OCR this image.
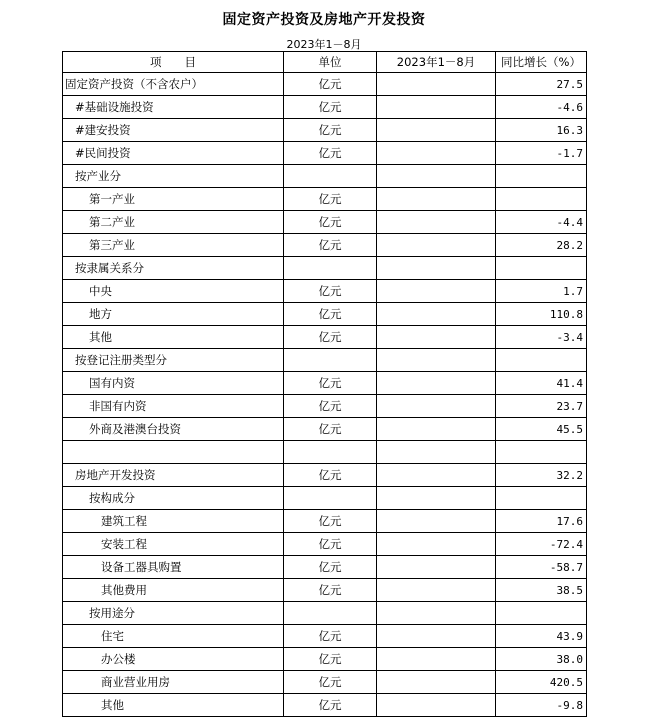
固定资产投资及房地产开发投资
2023年1－8月
项　　目	单位	2023年1－8月	同比增长（%）
固定资产投资（不含农户）	亿元		27.5
#基础设施投资	亿元		-4.6
#建安投资	亿元		16.3
#民间投资	亿元		-1.7
按产业分			
第一产业	亿元		
第二产业	亿元		-4.4
第三产业	亿元		28.2
按隶属关系分			
中央	亿元		1.7
地方	亿元		110.8
其他	亿元		-3.4
按登记注册类型分			
国有内资	亿元		41.4
非国有内资	亿元		23.7
外商及港澳台投资	亿元		45.5

房地产开发投资	亿元		32.2
按构成分			
建筑工程	亿元		17.6
安装工程	亿元		-72.4
设备工器具购置	亿元		-58.7
其他费用	亿元		38.5
按用途分			
住宅	亿元		43.9
办公楼	亿元		38.0
商业营业用房	亿元		420.5
其他	亿元		-9.8
